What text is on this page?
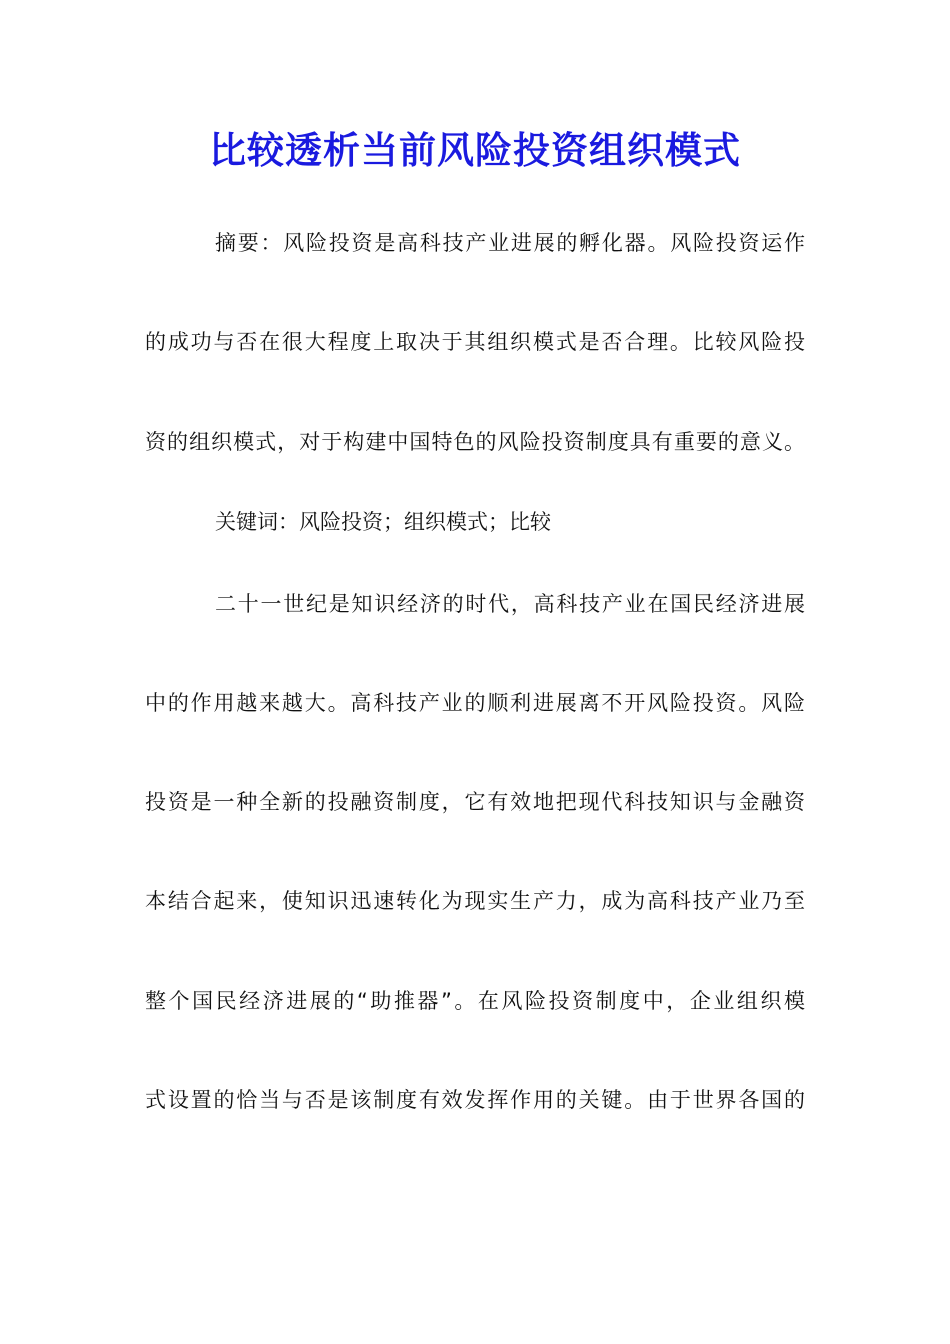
比较透析当前风险投资组织模式

摘要：风险投资是高科技产业进展的孵化器。风险投资运作

的成功与否在很大程度上取决于其组织模式是否合理。比较风险投

资的组织模式，对于构建中国特色的风险投资制度具有重要的意义。

关键词：风险投资；组织模式；比较

二十一世纪是知识经济的时代，高科技产业在国民经济进展

中的作用越来越大。高科技产业的顺利进展离不开风险投资。风险

投资是一种全新的投融资制度，它有效地把现代科技知识与金融资

本结合起来，使知识迅速转化为现实生产力，成为高科技产业乃至

整个国民经济进展的“助推器”。在风险投资制度中，企业组织模

式设置的恰当与否是该制度有效发挥作用的关键。由于世界各国的
